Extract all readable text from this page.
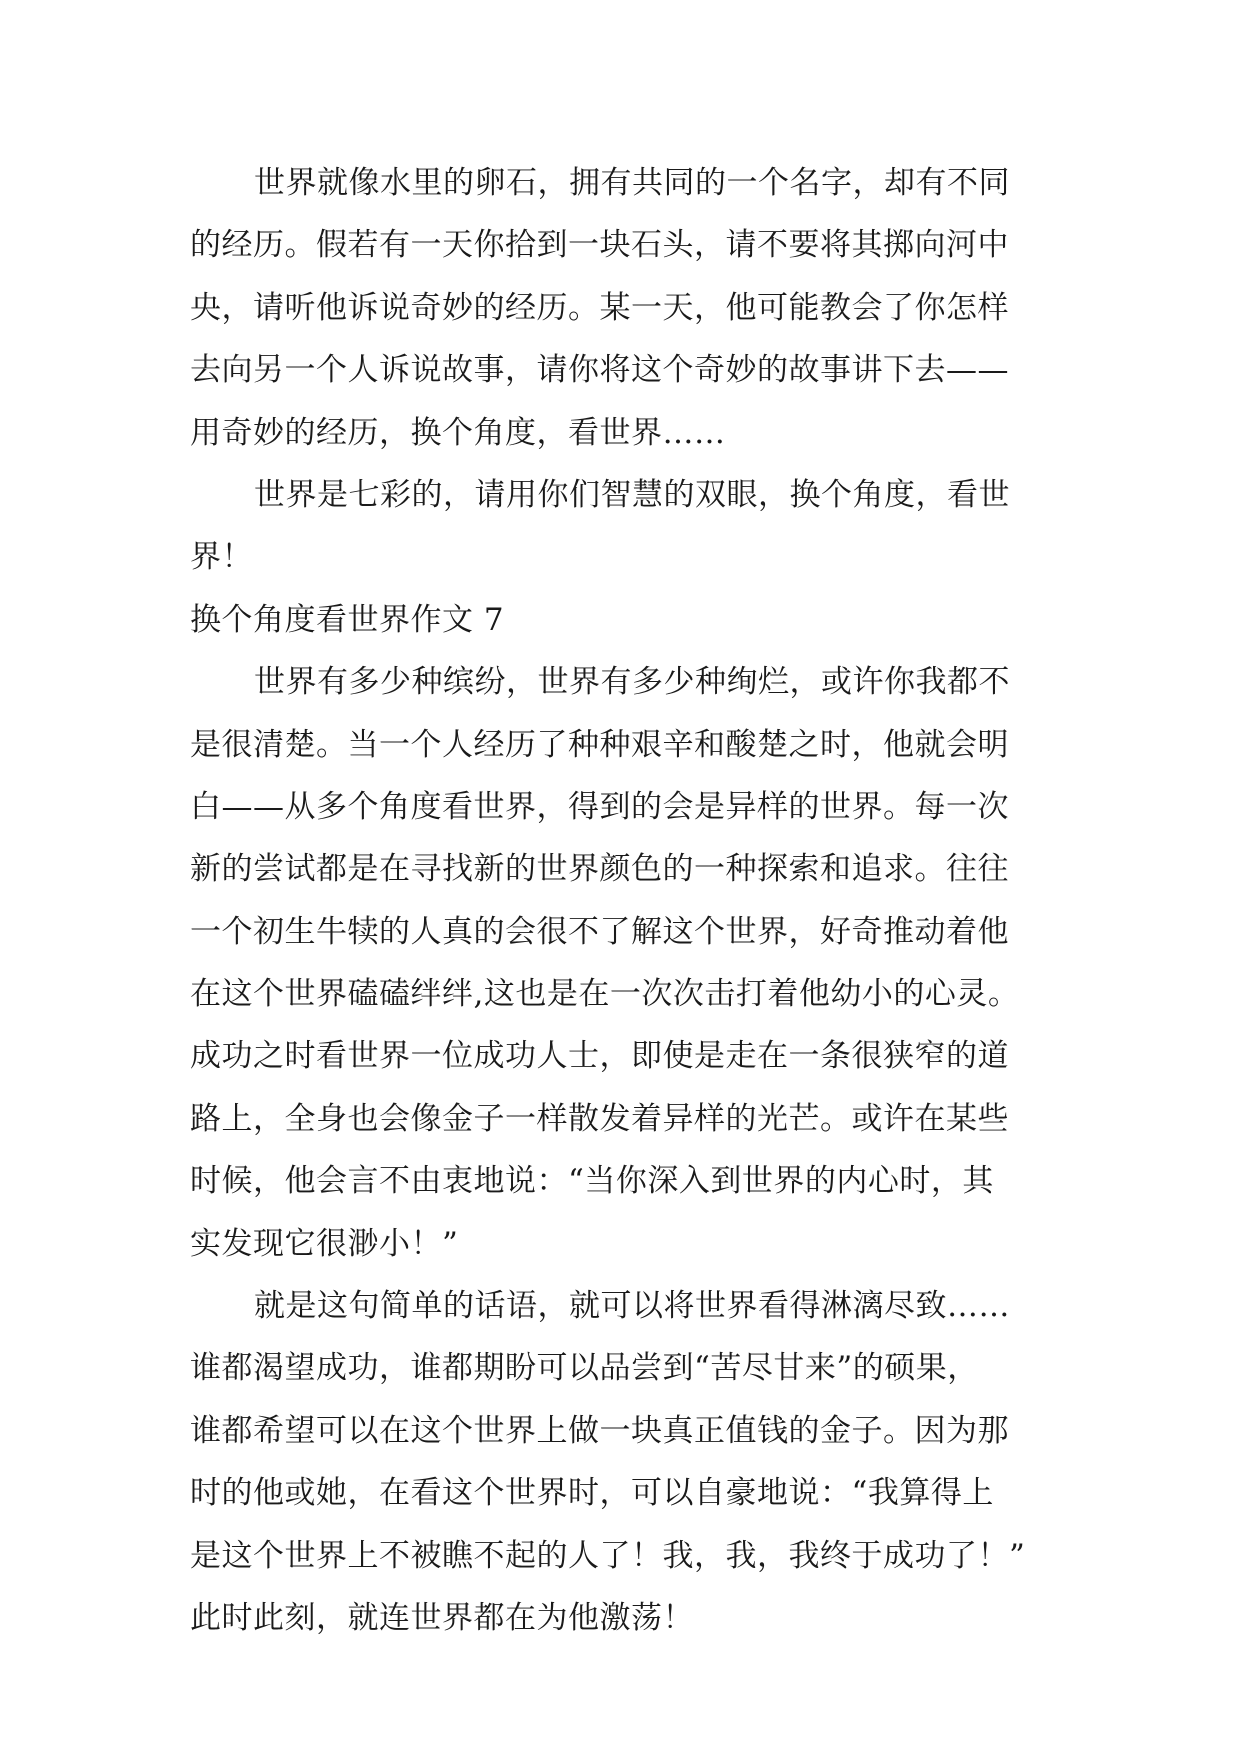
世界就像水里的卵石，拥有共同的一个名字，却有不同
的经历。假若有一天你拾到一块石头，请不要将其掷向河中
央，请听他诉说奇妙的经历。某一天，他可能教会了你怎样
去向另一个人诉说故事，请你将这个奇妙的故事讲下去——
用奇妙的经历，换个角度，看世界……
世界是七彩的，请用你们智慧的双眼，换个角度，看世
界！
换个角度看世界作文 7
世界有多少种缤纷，世界有多少种绚烂，或许你我都不
是很清楚。当一个人经历了种种艰辛和酸楚之时，他就会明
白——从多个角度看世界，得到的会是异样的世界。每一次
新的尝试都是在寻找新的世界颜色的一种探索和追求。往往
一个初生牛犊的人真的会很不了解这个世界，好奇推动着他
在这个世界磕磕绊绊,这也是在一次次击打着他幼小的心灵。
成功之时看世界一位成功人士，即使是走在一条很狭窄的道
路上，全身也会像金子一样散发着异样的光芒。或许在某些
时候，他会言不由衷地说：“当你深入到世界的内心时，其
实发现它很渺小！”
就是这句简单的话语，就可以将世界看得淋漓尽致……
谁都渴望成功，谁都期盼可以品尝到“苦尽甘来”的硕果，
谁都希望可以在这个世界上做一块真正值钱的金子。因为那
时的他或她，在看这个世界时，可以自豪地说：“我算得上
是这个世界上不被瞧不起的人了！我，我，我终于成功了！”
此时此刻，就连世界都在为他激荡！
